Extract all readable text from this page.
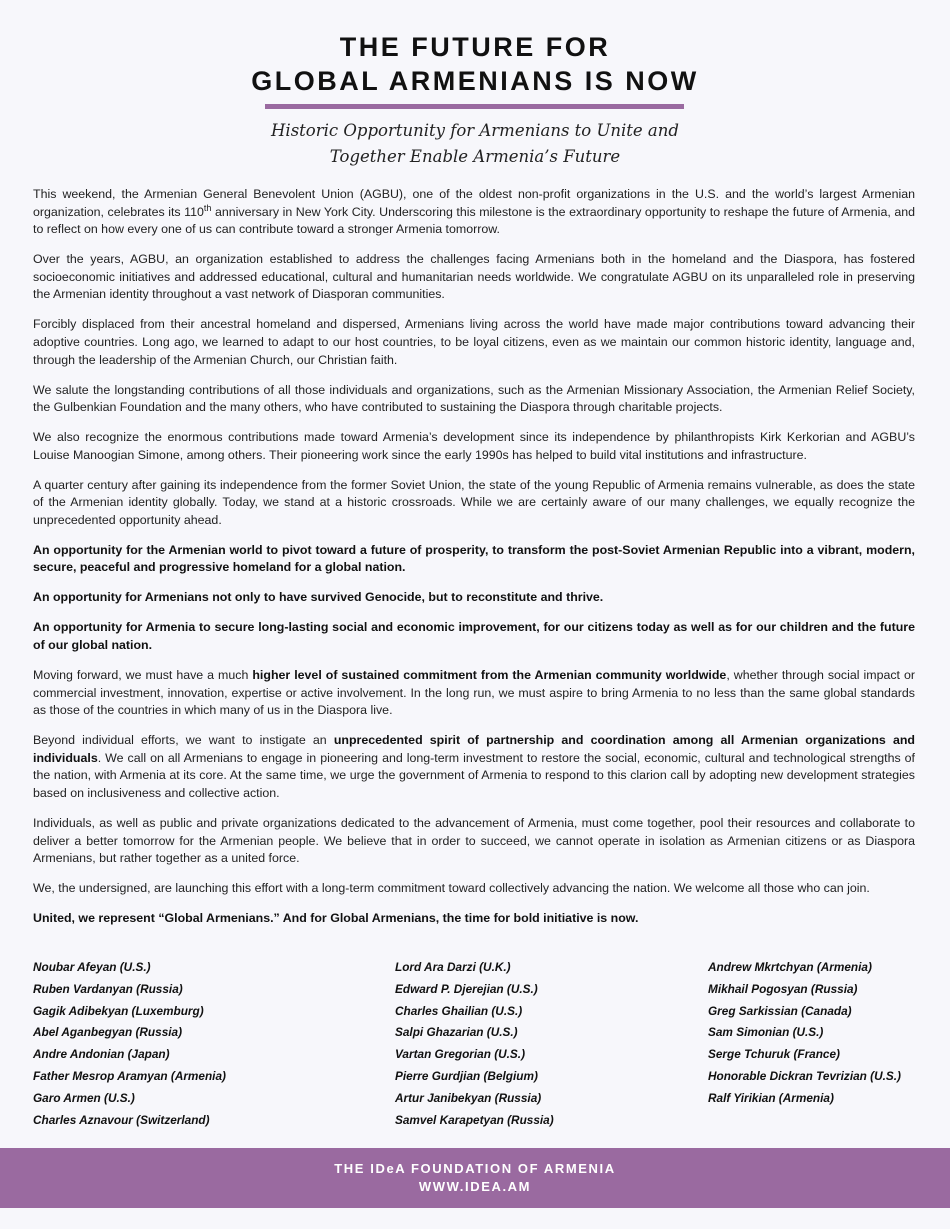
THE FUTURE FOR
GLOBAL ARMENIANS IS NOW
Historic Opportunity for Armenians to Unite and
Together Enable Armenia’s Future

This weekend, the Armenian General Benevolent Union (AGBU), one of the oldest non-profit organizations in the U.S. and the world’s largest Armenian organization, celebrates its 110th anniversary in New York City. Underscoring this milestone is the extraordinary opportunity to reshape the future of Armenia, and to reflect on how every one of us can contribute toward a stronger Armenia tomorrow.

Over the years, AGBU, an organization established to address the challenges facing Armenians both in the homeland and the Diaspora, has fostered socioeconomic initiatives and addressed educational, cultural and humanitarian needs worldwide. We congratulate AGBU on its unparalleled role in preserving the Armenian identity throughout a vast network of Diasporan communities.

Forcibly displaced from their ancestral homeland and dispersed, Armenians living across the world have made major contributions toward advancing their adoptive countries. Long ago, we learned to adapt to our host countries, to be loyal citizens, even as we maintain our common historic identity, language and, through the leadership of the Armenian Church, our Christian faith.

We salute the longstanding contributions of all those individuals and organizations, such as the Armenian Missionary Association, the Armenian Relief Society, the Gulbenkian Foundation and the many others, who have contributed to sustaining the Diaspora through charitable projects.

We also recognize the enormous contributions made toward Armenia’s development since its independence by philanthropists Kirk Kerkorian and AGBU’s Louise Manoogian Simone, among others. Their pioneering work since the early 1990s has helped to build vital institutions and infrastructure.

A quarter century after gaining its independence from the former Soviet Union, the state of the young Republic of Armenia remains vulnerable, as does the state of the Armenian identity globally. Today, we stand at a historic crossroads. While we are certainly aware of our many challenges, we equally recognize the unprecedented opportunity ahead.

An opportunity for the Armenian world to pivot toward a future of prosperity, to transform the post-Soviet Armenian Republic into a vibrant, modern, secure, peaceful and progressive homeland for a global nation.

An opportunity for Armenians not only to have survived Genocide, but to reconstitute and thrive.

An opportunity for Armenia to secure long-lasting social and economic improvement, for our citizens today as well as for our children and the future of our global nation.

Moving forward, we must have a much higher level of sustained commitment from the Armenian community worldwide, whether through social impact or commercial investment, innovation, expertise or active involvement. In the long run, we must aspire to bring Armenia to no less than the same global standards as those of the countries in which many of us in the Diaspora live.

Beyond individual efforts, we want to instigate an unprecedented spirit of partnership and coordination among all Armenian organizations and individuals. We call on all Armenians to engage in pioneering and long-term investment to restore the social, economic, cultural and technological strengths of the nation, with Armenia at its core. At the same time, we urge the government of Armenia to respond to this clarion call by adopting new development strategies based on inclusiveness and collective action.

Individuals, as well as public and private organizations dedicated to the advancement of Armenia, must come together, pool their resources and collaborate to deliver a better tomorrow for the Armenian people. We believe that in order to succeed, we cannot operate in isolation as Armenian citizens or as Diaspora Armenians, but rather together as a united force.

We, the undersigned, are launching this effort with a long-term commitment toward collectively advancing the nation. We welcome all those who can join.

United, we represent “Global Armenians.” And for Global Armenians, the time for bold initiative is now.

Noubar Afeyan (U.S.)
Ruben Vardanyan (Russia)
Gagik Adibekyan (Luxemburg)
Abel Aganbegyan (Russia)
Andre Andonian (Japan)
Father Mesrop Aramyan (Armenia)
Garo Armen (U.S.)
Charles Aznavour (Switzerland)
Lord Ara Darzi (U.K.)
Edward P. Djerejian (U.S.)
Charles Ghailian (U.S.)
Salpi Ghazarian (U.S.)
Vartan Gregorian (U.S.)
Pierre Gurdjian (Belgium)
Artur Janibekyan (Russia)
Samvel Karapetyan (Russia)
Andrew Mkrtchyan (Armenia)
Mikhail Pogosyan (Russia)
Greg Sarkissian (Canada)
Sam Simonian (U.S.)
Serge Tchuruk (France)
Honorable Dickran Tevrizian (U.S.)
Ralf Yirikian (Armenia)
THE IDeA FOUNDATION OF ARMENIA
WWW.IDEA.AM
